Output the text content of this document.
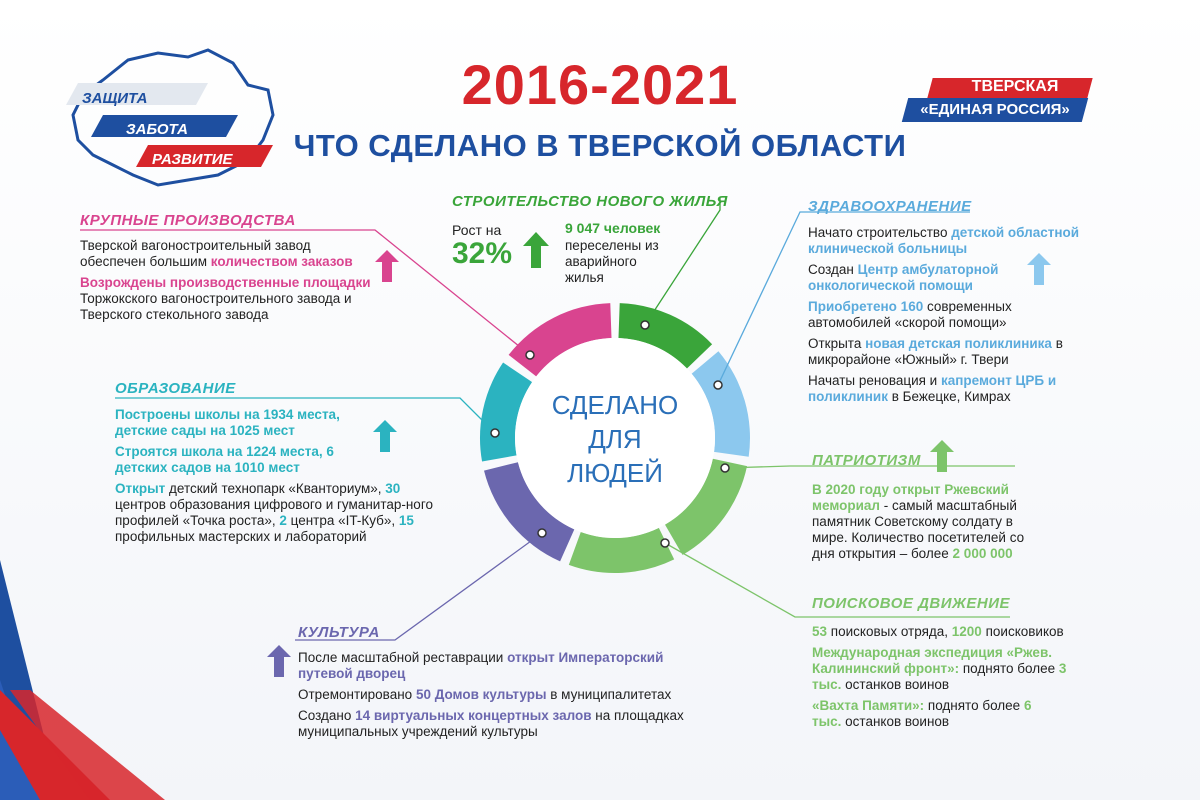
ЗАЩИТА
ЗАБОТА
РАЗВИТИЕ
ТВЕРСКАЯ
«ЕДИНАЯ РОССИЯ»
2016-2021
ЧТО СДЕЛАНО В ТВЕРСКОЙ ОБЛАСТИ
СДЕЛАНО
ДЛЯ
ЛЮДЕЙ
СТРОИТЕЛЬСТВО НОВОГО ЖИЛЬЯ
Рост на
32%
9 047 человек
переселены из аварийного жилья
КРУПНЫЕ ПРОИЗВОДСТВА

Тверской вагоностроительный завод обеспечен большим количеством заказов

Возрождены производственные площадки Торжокского вагоностроительного завода и Тверского стекольного завода

ОБРАЗОВАНИЕ

Построены школы на 1934 места, детские сады на 1025 мест

Строятся школа на 1224 места, 6 детских садов на 1010 мест

Открыт детский технопарк «Кванториум», 30 центров образования цифрового и гуманитар-ного профилей «Точка роста», 2 центра «IT-Куб», 15 профильных мастерских и лабораторий

КУЛЬТУРА

После масштабной реставрации открыт Императорский путевой дворец

Отремонтировано 50 Домов культуры в муниципалитетах

Создано 14 виртуальных концертных залов на площадках муниципальных учреждений культуры

ЗДРАВООХРАНЕНИЕ

Начато строительство детской областной клинической больницы

Создан Центр амбулаторной онкологической помощи

Приобретено 160 современных автомобилей «скорой помощи»

Открыта новая детская поликлиника в микрорайоне «Южный» г. Твери

Начаты реновация и капремонт ЦРБ и поликлиник в Бежецке, Кимрах

ПАТРИОТИЗМ

В 2020 году открыт Ржевский мемориал - самый масштабный памятник Советскому солдату в мире. Количество посетителей со дня открытия – более 2 000 000

ПОИСКОВОЕ ДВИЖЕНИЕ

53 поисковых отряда, 1200 поисковиков

Международная экспедиция «Ржев. Калининский фронт»: поднято более 3 тыс. останков воинов

«Вахта Памяти»: поднято более 6 тыс. останков воинов
